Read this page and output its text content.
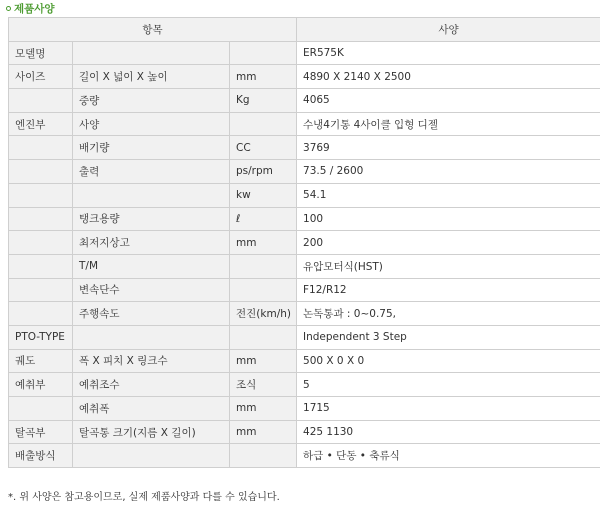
제품사양
항목			사양
모델명			ER575K
사이즈	길이 X 넓이 X 높이	mm	4890 X 2140 X 2500
	중량	Kg	4065
엔진부	사양		수냉4기통 4사이클 입형 디젤
	배기량	CC	3769
	출력	ps/rpm	73.5 / 2600
		kw	54.1
	탱크용량	ℓ	100
	최저지상고	mm	200
	T/M		유압모터식(HST)
	변속단수		F12/R12
	주행속도	전진(km/h)	논독통과 : 0~0.75,
PTO-TYPE			Independent 3 Step
궤도	폭 X 피치 X 링크수	mm	500 X 0 X 0
예취부	예취조수	조식	5
	예취폭	mm	1715
탈곡부	탈곡통 크기(지름 X 길이)	mm	425 1130
배출방식			하급 • 단동 • 축류식
*. 위 사양은 참고용이므로, 실제 제품사양과 다를 수 있습니다.
